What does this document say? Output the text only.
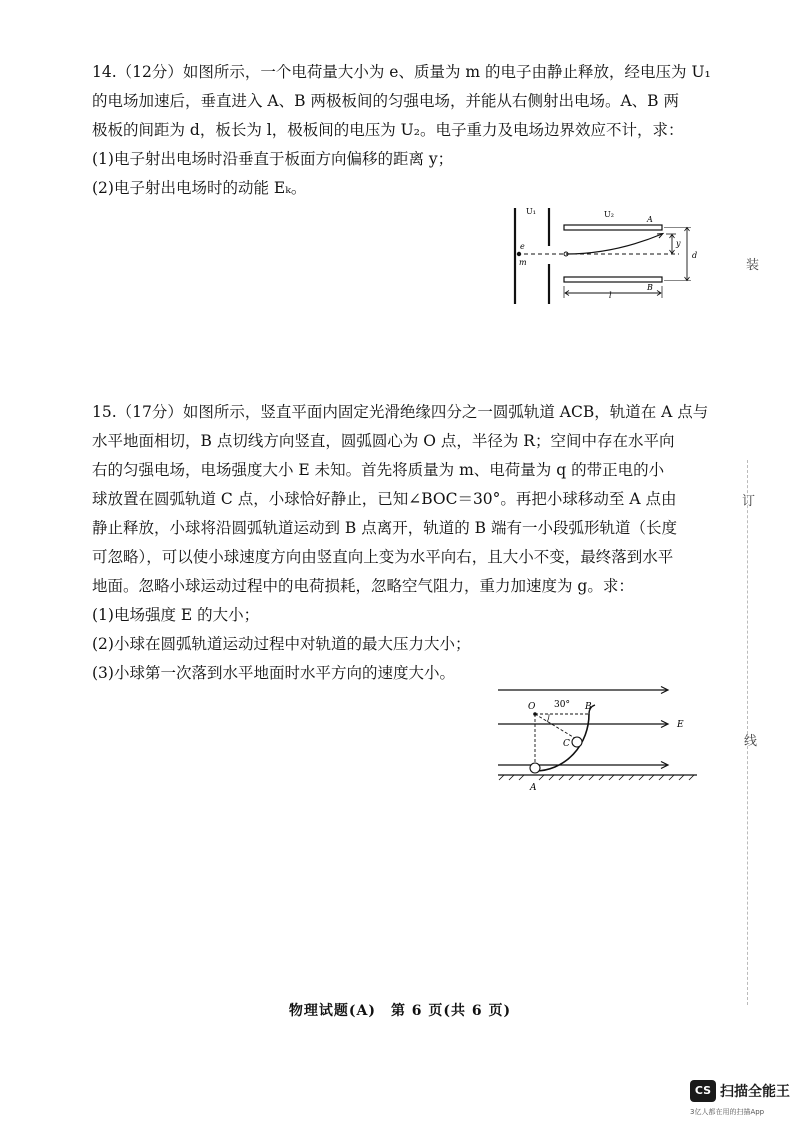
14.（12分）如图所示，一个电荷量大小为 e、质量为 m 的电子由静止释放，经电压为 U₁

的电场加速后，垂直进入 A、B 两极板间的匀强电场，并能从右侧射出电场。A、B 两

极板的间距为 d，板长为 l，极板间的电压为 U₂。电子重力及电场边界效应不计，求：

(1)电子射出电场时沿垂直于板面方向偏移的距离 y；

(2)电子射出电场时的动能 Eₖ。

U₁	U₂
A
B
e
m
y
d
l

15.（17分）如图所示，竖直平面内固定光滑绝缘四分之一圆弧轨道 ACB，轨道在 A 点与

水平地面相切，B 点切线方向竖直，圆弧圆心为 O 点，半径为 R；空间中存在水平向

右的匀强电场，电场强度大小 E 未知。首先将质量为 m、电荷量为 q 的带正电的小

球放置在圆弧轨道 C 点，小球恰好静止，已知∠BOC＝30°。再把小球移动至 A 点由

静止释放，小球将沿圆弧轨道运动到 B 点离开，轨道的 B 端有一小段弧形轨道（长度

可忽略），可以使小球速度方向由竖直向上变为水平向右，且大小不变，最终落到水平

地面。忽略小球运动过程中的电荷损耗，忽略空气阻力，重力加速度为 g。求：

(1)电场强度 E 的大小；

(2)小球在圆弧轨道运动过程中对轨道的最大压力大小；

(3)小球第一次落到水平地面时水平方向的速度大小。

O 30° B
C
A
E
装
订
线
物理试题(A)　第 6 页(共 6 页)
CS 扫描全能王
3亿人都在用的扫描App
